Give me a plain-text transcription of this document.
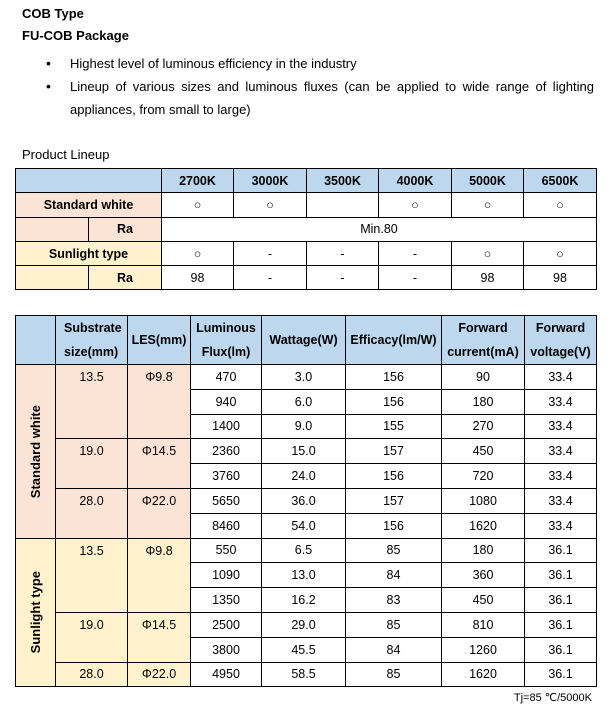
COB Type
FU-COB Package
• Highest level of luminous efficiency in the industry
• Lineup of various sizes and luminous fluxes (can be applied to wide range of lighting appliances, from small to large)
Product Lineup
		2700K	3000K	3500K	4000K	5000K	6500K
Standard white		○	○		○	○	○
	Ra	Min.80					
Sunlight type		○	-	-	-	○	○
	Ra	98	-	-	-	98	98
	Substrate size(mm)	LES(mm)	Luminous Flux(lm)	Wattage(W)	Efficacy(lm/W)	Forward current(mA)	Forward voltage(V)

Standard white	13.5	Φ9.8	470	3.0	156	90	33.4
			940	6.0	156	180	33.4
			1400	9.0	155	270	33.4
	19.0	Φ14.5	2360	15.0	157	450	33.4
			3760	24.0	156	720	33.4
	28.0	Φ22.0	5650	36.0	157	1080	33.4
			8460	54.0	156	1620	33.4

Sunlight type	13.5	Φ9.8	550	6.5	85	180	36.1
			1090	13.0	84	360	36.1
			1350	16.2	83	450	36.1
	19.0	Φ14.5	2500	29.0	85	810	36.1
			3800	45.5	84	1260	36.1
	28.0	Φ22.0	4950	58.5	85	1620	36.1
Tj=85 ℃/5000K
